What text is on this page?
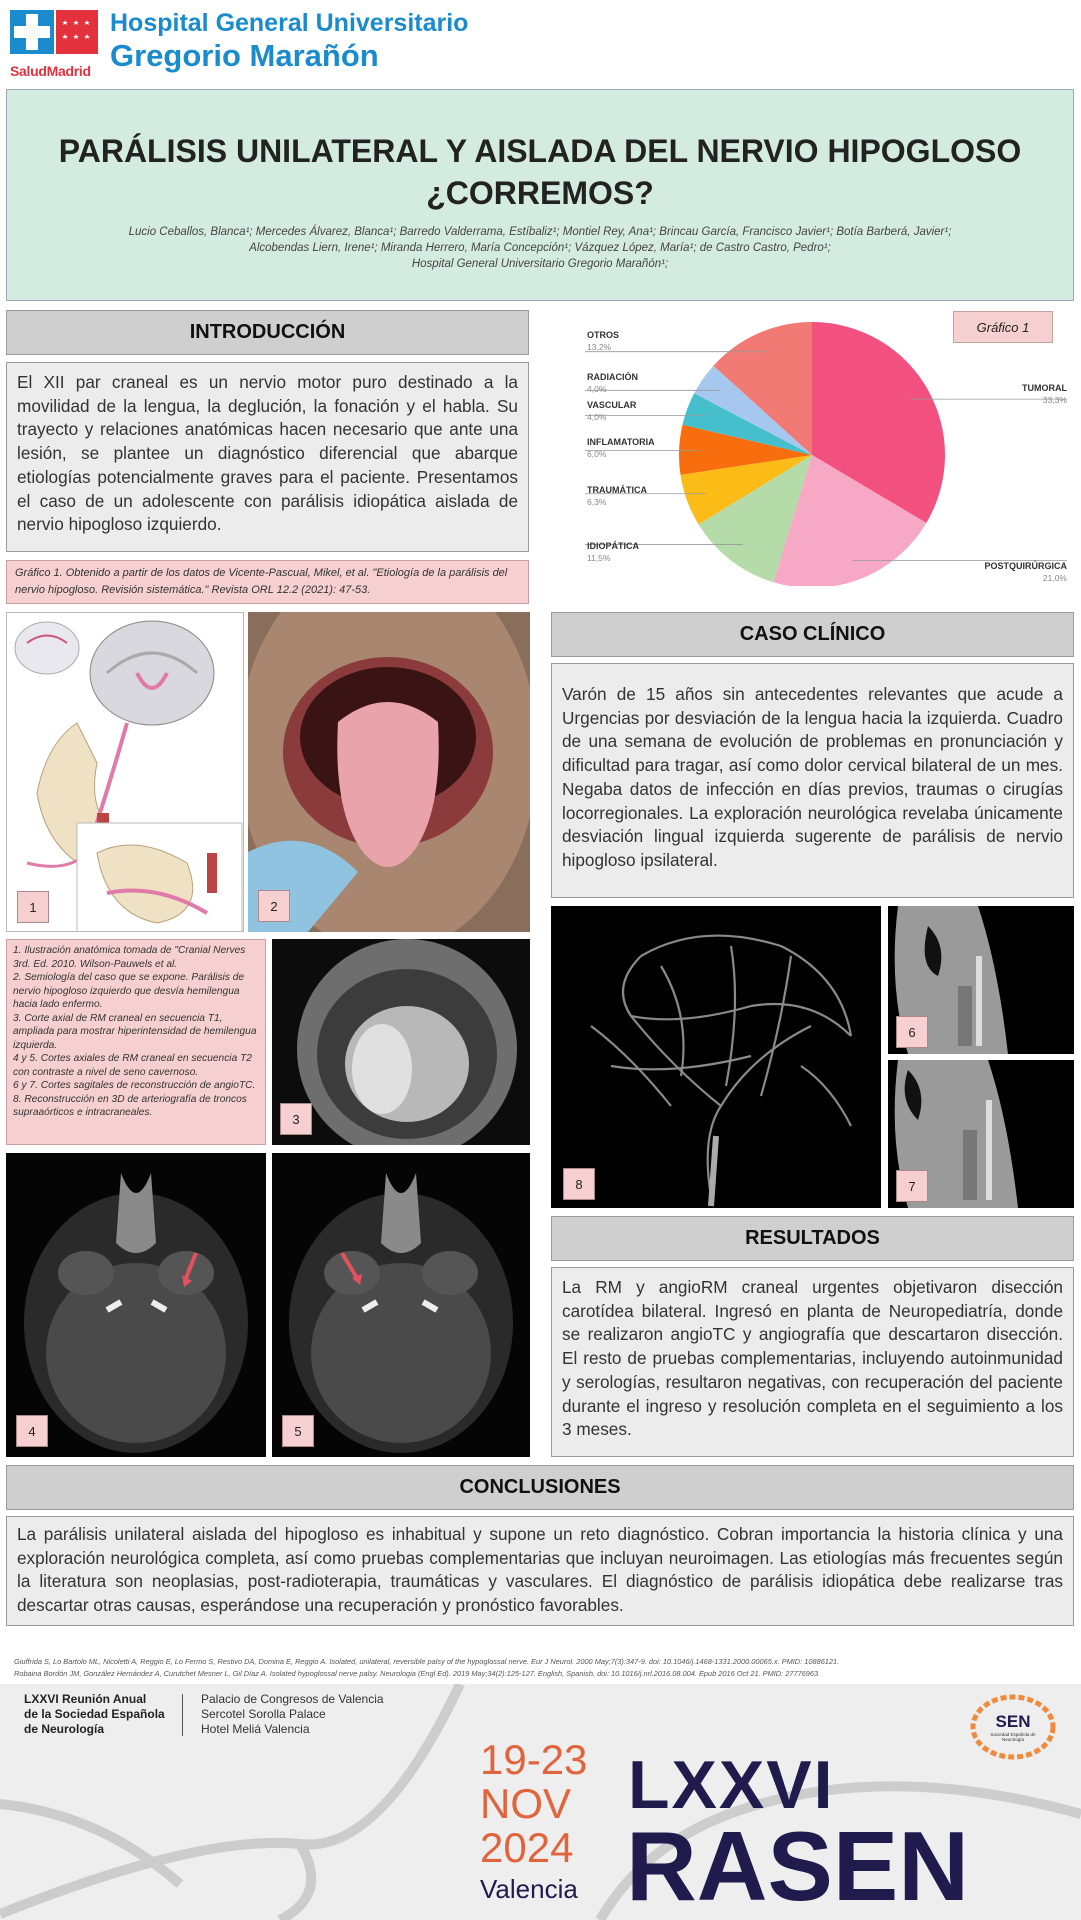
SaludMadrid
Hospital General Universitario
Gregorio Marañón
PARÁLISIS UNILATERAL Y AISLADA DEL NERVIO HIPOGLOSO
¿CORREMOS?
Lucio Ceballos, Blanca¹; Mercedes Álvarez, Blanca¹; Barredo Valderrama, Estíbaliz¹; Montiel Rey, Ana¹; Brincau García, Francisco Javier¹; Botía Barberá, Javier¹;
Alcobendas Liern, Irene¹; Miranda Herrero, María Concepción¹; Vázquez López, María¹; de Castro Castro, Pedro¹;
Hospital General Universitario Gregorio Marañón¹;
INTRODUCCIÓN
El XII par craneal es un nervio motor puro destinado a la movilidad de la lengua, la deglución, la fonación y el habla. Su trayecto y relaciones anatómicas hacen necesario que ante una lesión, se plantee un diagnóstico diferencial que abarque etiologías potencialmente graves para el paciente. Presentamos el caso de un adolescente con parálisis idiopática aislada de nervio hipogloso izquierdo.
Gráfico 1. Obtenido a partir de los datos de Vicente-Pascual, Mikel, et al. "Etiología de la parálisis del nervio hipogloso. Revisión sistemática." Revista ORL 12.2 (2021): 47-53.
Gráfico 1
OTROS
13,2%
RADIACIÓN
4,0%
VASCULAR
4,0%
INFLAMATORIA
6,0%
TRAUMÁTICA
6,3%
IDIOPÁTICA
11,5%
TUMORAL
33,3%
POSTQUIRÚRGICA
21,0%
1	2
1. Ilustración anatómica tomada de "Cranial Nerves 3rd. Ed. 2010. Wilson-Pauwels et al.
2. Semiología del caso que se expone. Parálisis de nervio hipogloso izquierdo que desvía hemilengua hacia lado enfermo.
3. Corte axial de RM craneal en secuencia T1, ampliada para mostrar hiperintensidad de hemilengua izquierda.
4 y 5. Cortes axiales de RM craneal en secuencia T2 con contraste a nivel de seno cavernoso.
6 y 7. Cortes sagitales de reconstrucción de angioTC.
8. Reconstrucción en 3D de arteriografía de troncos supraaórticos e intracraneales.	3
4	5
CASO CLÍNICO
Varón de 15 años sin antecedentes relevantes que acude a Urgencias por desviación de la lengua hacia la izquierda. Cuadro de una semana de evolución de problemas en pronunciación y dificultad para tragar, así como dolor cervical bilateral de un mes. Negaba datos de infección en días previos, traumas o cirugías locorregionales. La exploración neurológica revelaba únicamente desviación lingual izquierda sugerente de parálisis de nervio hipogloso ipsilateral.
8
6
7
RESULTADOS
La RM y angioRM craneal urgentes objetivaron disección carotídea bilateral. Ingresó en planta de Neuropediatría, donde se realizaron angioTC y angiografía que descartaron disección. El resto de pruebas complementarias, incluyendo autoinmunidad y serologías, resultaron negativas, con recuperación del paciente durante el ingreso y resolución completa en el seguimiento a los 3 meses.
CONCLUSIONES
La parálisis unilateral aislada del hipogloso es inhabitual y supone un reto diagnóstico. Cobran importancia la historia clínica y una exploración neurológica completa, así como pruebas complementarias que incluyan neuroimagen. Las etiologías más frecuentes según la literatura son neoplasias, post-radioterapia, traumáticas y vasculares. El diagnóstico de parálisis idiopática debe realizarse tras descartar otras causas, esperándose una recuperación y pronóstico favorables.
Giuffrida S, Lo Bartolo ML, Nicoletti A, Reggio E, Lo Fermo S, Restivo DA, Domina E, Reggio A. Isolated, unilateral, reversible palsy of the hypoglossal nerve. Eur J Neurol. 2000 May;7(3):347-9. doi: 10.1046/j.1468-1331.2000.00065.x. PMID: 10886121.
Robaina Bordón JM, González Hernández A, Curutchet Mesner L, Gil Díaz A. Isolated hypoglossal nerve palsy. Neurologia (Engl Ed). 2019 May;34(2):125-127. English, Spanish. doi: 10.1016/j.nrl.2016.08.004. Epub 2016 Oct 21. PMID: 27776963.
LXXVI Reunión Anual
de la Sociedad Española
de Neurología
Palacio de Congresos de Valencia
Sercotel Sorolla Palace
Hotel Meliá Valencia
19-23
NOV
2024
Valencia
LXXVI
RASEN
SEN
Sociedad Española de Neurología
